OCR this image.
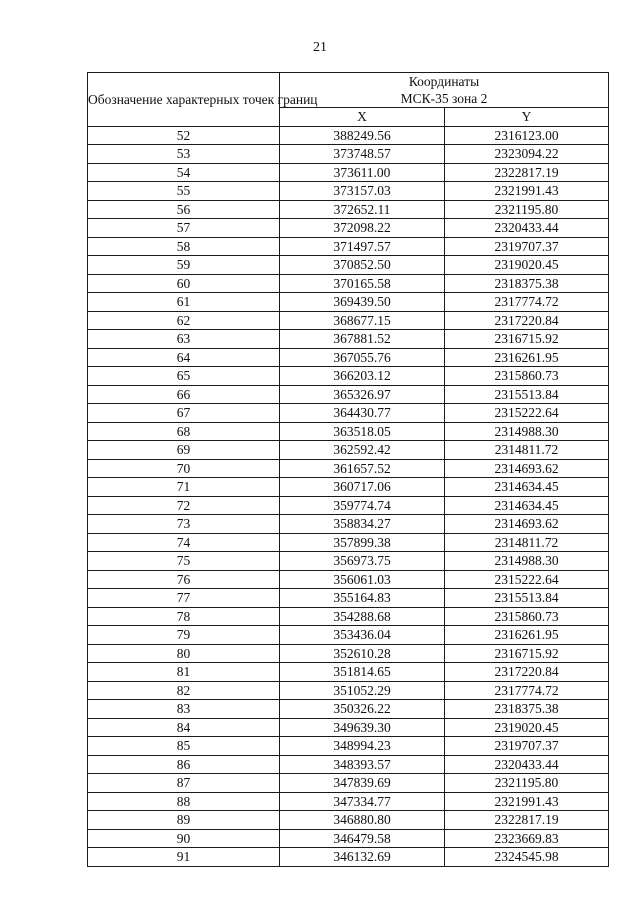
21
Обозначение характерных точек границ	Координаты
МСК-35 зона 2	
	X	Y
52	388249.56	2316123.00
53	373748.57	2323094.22
54	373611.00	2322817.19
55	373157.03	2321991.43
56	372652.11	2321195.80
57	372098.22	2320433.44
58	371497.57	2319707.37
59	370852.50	2319020.45
60	370165.58	2318375.38
61	369439.50	2317774.72
62	368677.15	2317220.84
63	367881.52	2316715.92
64	367055.76	2316261.95
65	366203.12	2315860.73
66	365326.97	2315513.84
67	364430.77	2315222.64
68	363518.05	2314988.30
69	362592.42	2314811.72
70	361657.52	2314693.62
71	360717.06	2314634.45
72	359774.74	2314634.45
73	358834.27	2314693.62
74	357899.38	2314811.72
75	356973.75	2314988.30
76	356061.03	2315222.64
77	355164.83	2315513.84
78	354288.68	2315860.73
79	353436.04	2316261.95
80	352610.28	2316715.92
81	351814.65	2317220.84
82	351052.29	2317774.72
83	350326.22	2318375.38
84	349639.30	2319020.45
85	348994.23	2319707.37
86	348393.57	2320433.44
87	347839.69	2321195.80
88	347334.77	2321991.43
89	346880.80	2322817.19
90	346479.58	2323669.83
91	346132.69	2324545.98
